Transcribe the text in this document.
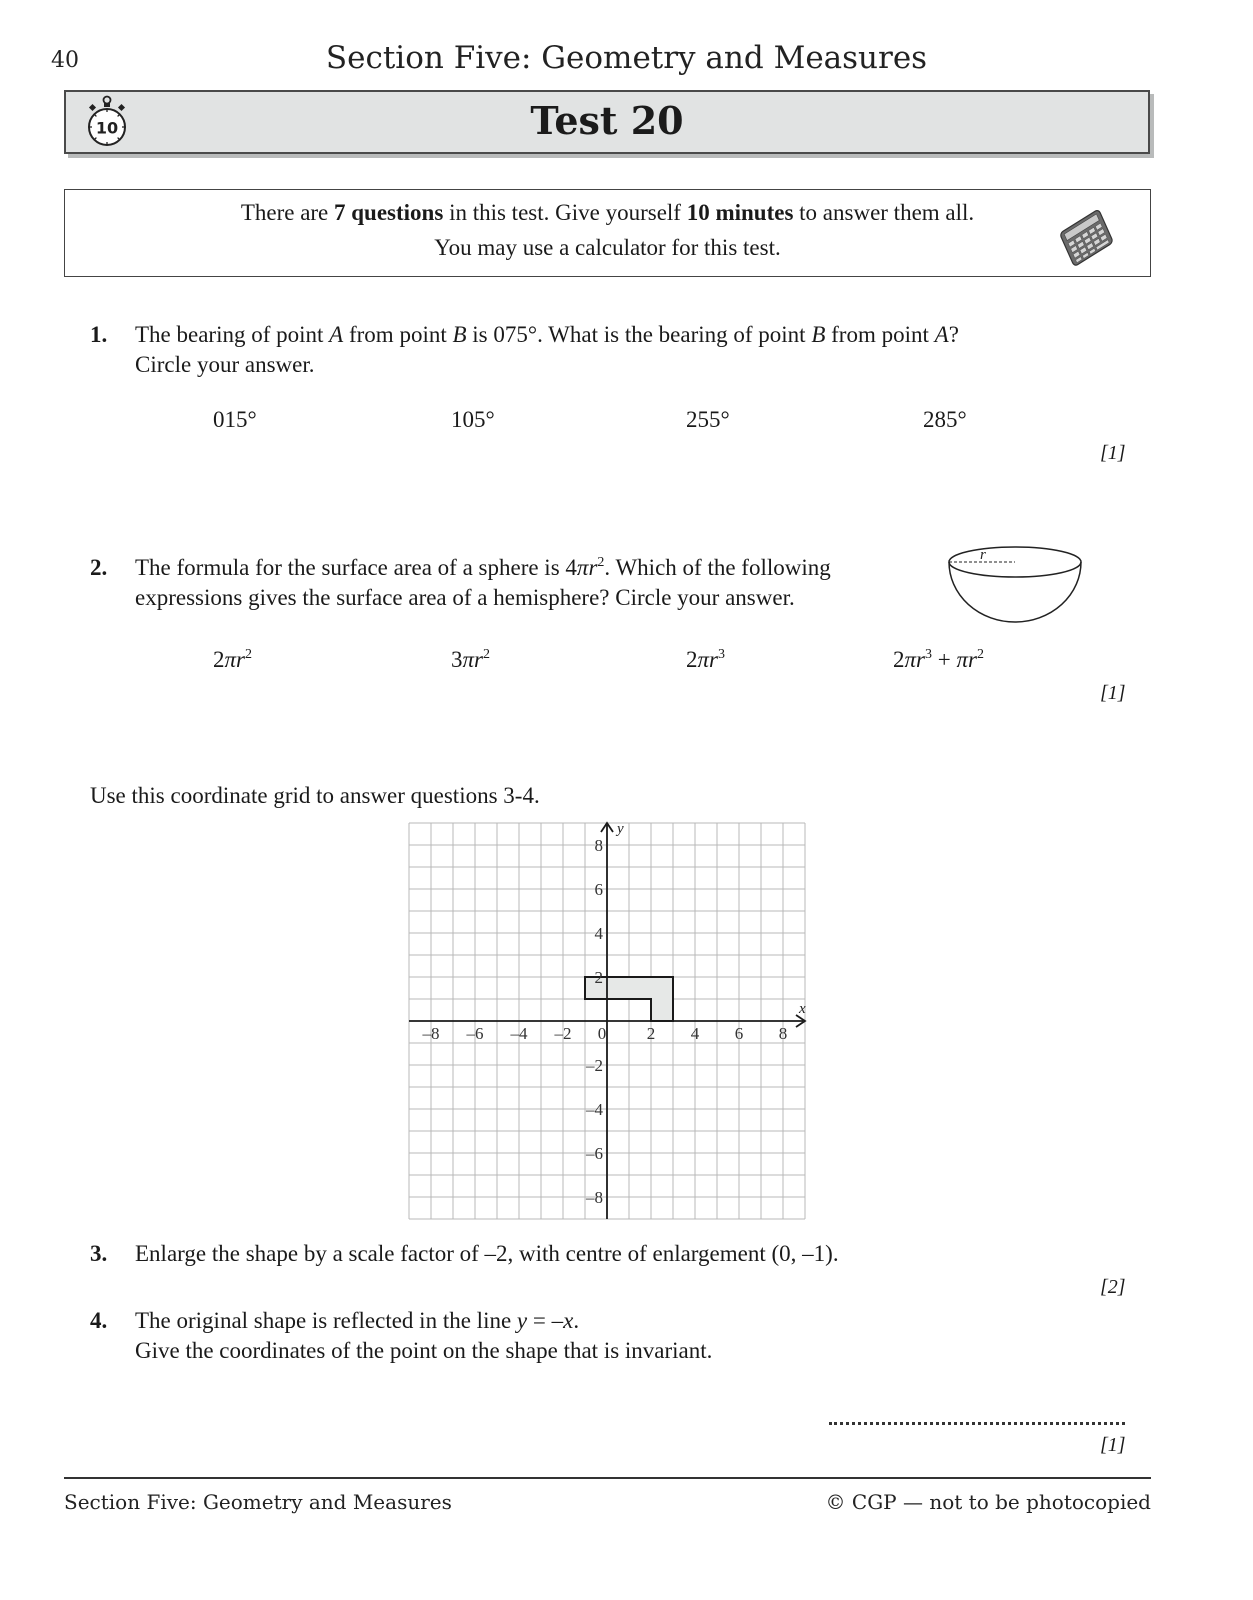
40	Section Five: Geometry and Measures
10	Test 20
There are 7 questions in this test. Give yourself 10 minutes to answer them all.
You may use a calculator for this test.
1. The bearing of point A from point B is 075°. What is the bearing of point B from point A?
Circle your answer.
015°	105°	255°	285°
[1]
2. The formula for the surface area of a sphere is $4\pi r^2$. Which of the following
expressions gives the surface area of a hemisphere? Circle your answer.
r
$2\pi r^2$	$3\pi r^2$	$2\pi r^3$	$2\pi r^3 + \pi r^2$
[1]
Use this coordinate grid to answer questions 3-4.
x
y
–8 –6 –4 –2 0 2 4 6 8
8
6
4
2
–2
–4
–6
–8
3. Enlarge the shape by a scale factor of –2, with centre of enlargement (0, –1).
[2]
4. The original shape is reflected in the line y = –x.
Give the coordinates of the point on the shape that is invariant.
[1]
Section Five: Geometry and Measures	© CGP — not to be photocopied
